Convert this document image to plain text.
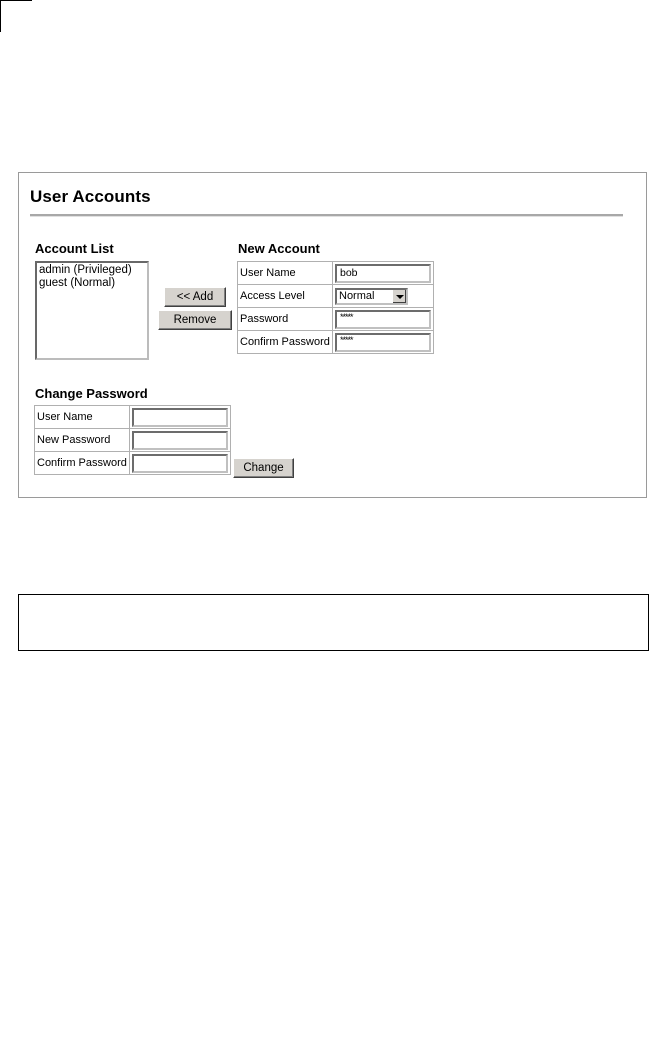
User Accounts
Account List
admin (Privileged)
guest (Normal)
<< Add
Remove
New Account
User Name	bob

Access Level	Normal

Password	*****

Confirm Password	*****
Change Password
User Name	

New Password	

Confirm Password		Change
